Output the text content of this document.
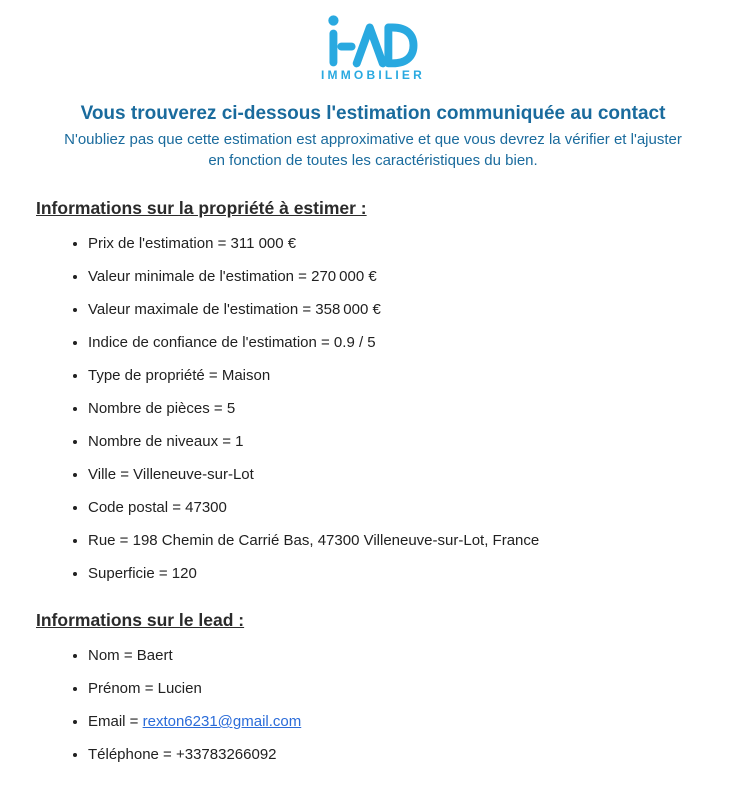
IMMOBILIER
Vous trouverez ci-dessous l'estimation communiquée au contact
N'oubliez pas que cette estimation est approximative et que vous devrez la vérifier et l'ajuster
en fonction de toutes les caractéristiques du bien.
Informations sur la propriété à estimer :
• Prix de l'estimation = 311 000 €
• Valeur minimale de l'estimation = 270 000 €
• Valeur maximale de l'estimation = 358 000 €
• Indice de confiance de l'estimation = 0.9 / 5
• Type de propriété = Maison
• Nombre de pièces = 5
• Nombre de niveaux = 1
• Ville = Villeneuve-sur-Lot
• Code postal = 47300
• Rue = 198 Chemin de Carrié Bas, 47300 Villeneuve-sur-Lot, France
• Superficie = 120
Informations sur le lead :
• Nom = Baert
• Prénom = Lucien
• Email = rexton6231@gmail.com
• Téléphone = +33783266092
